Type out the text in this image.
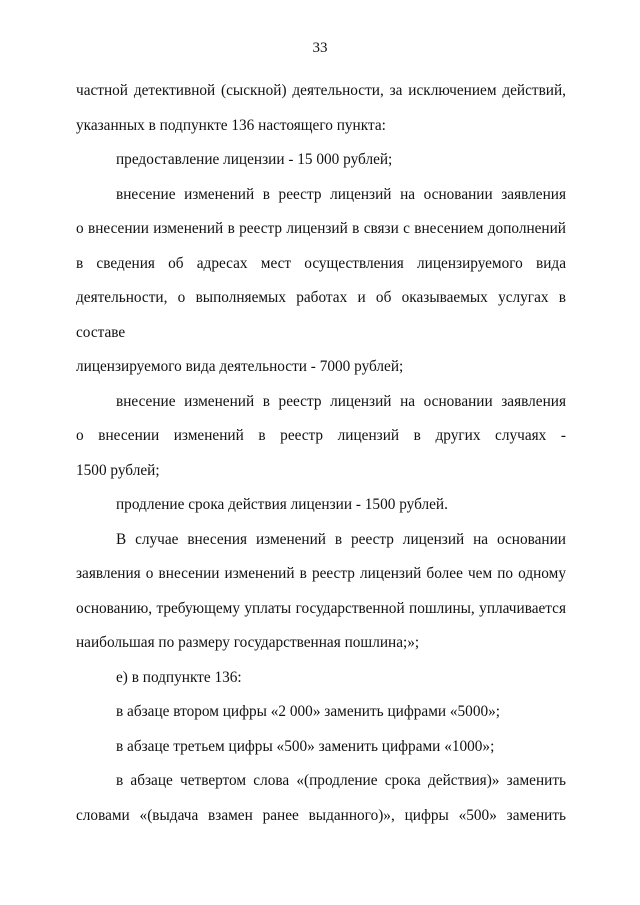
33
частной детективной (сыскной) деятельности, за исключением действий,
указанных в подпункте 136 настоящего пункта:
предоставление лицензии - 15 000 рублей;
внесение изменений в реестр лицензий на основании заявления
о внесении изменений в реестр лицензий в связи с внесением дополнений
в сведения об адресах мест осуществления лицензируемого вида
деятельности, о выполняемых работах и об оказываемых услугах в составе
лицензируемого вида деятельности - 7000 рублей;
внесение изменений в реестр лицензий на основании заявления
о внесении изменений в реестр лицензий в других случаях -
1500 рублей;
продление срока действия лицензии - 1500 рублей.
В случае внесения изменений в реестр лицензий на основании
заявления о внесении изменений в реестр лицензий более чем по одному
основанию, требующему уплаты государственной пошлины, уплачивается
наибольшая по размеру государственная пошлина;»;
е) в подпункте 136:
в абзаце втором цифры «2 000» заменить цифрами «5000»;
в абзаце третьем цифры «500» заменить цифрами «1000»;
в абзаце четвертом слова «(продление срока действия)» заменить
словами «(выдача взамен ранее выданного)», цифры «500» заменить
